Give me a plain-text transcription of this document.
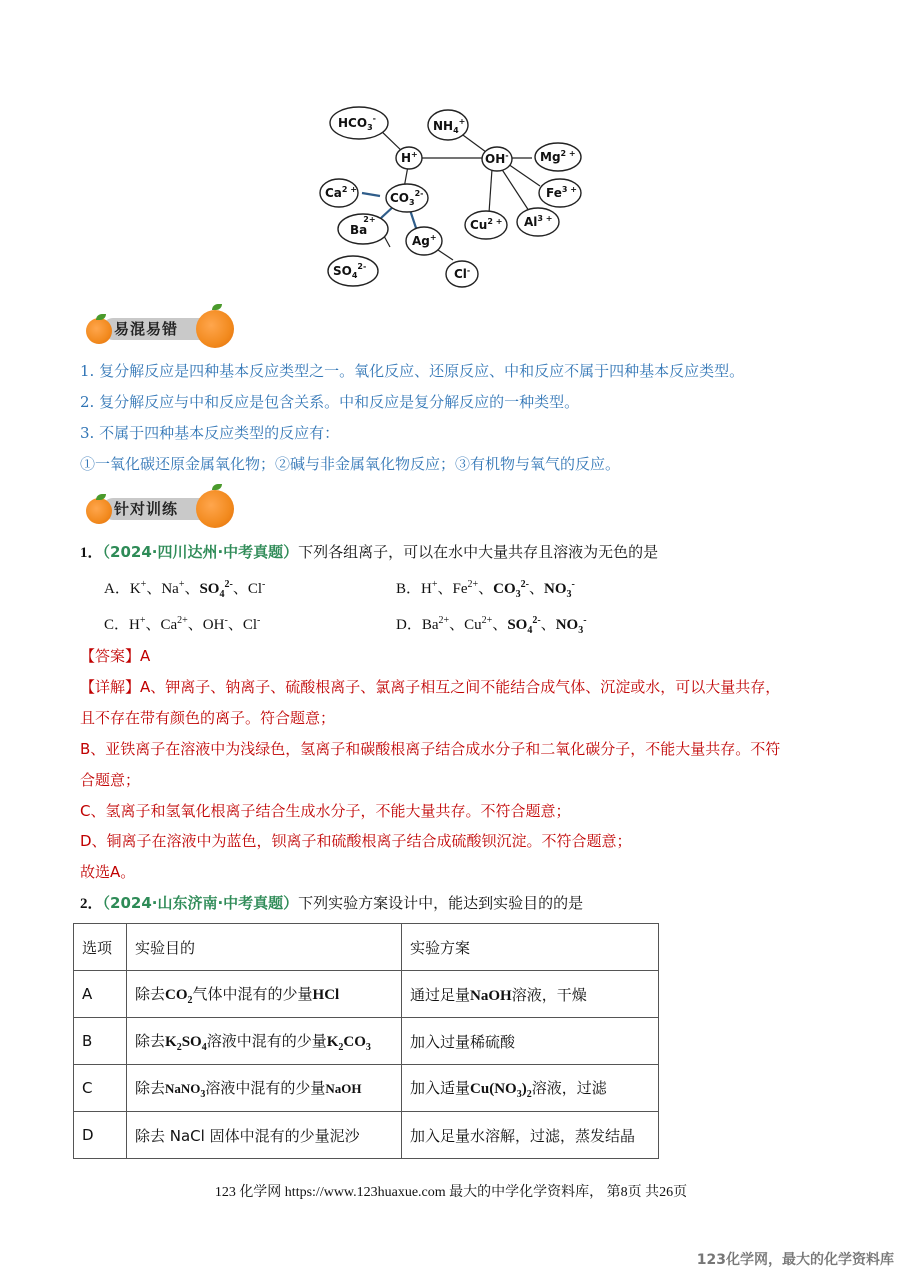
$HCO_3^-$
$NH_4^+$
H+	OH-	$Mg^{2 +}$
$Ca^{2 +}$
$CO_3^{2-}$	$Fe^{3 +}$
Ba2+	$Cu^{2 +}$ $Al^{3 +}$
Ag+
$SO_4^{2-}$
Cl-
易混易错
1. 复分解反应是四种基本反应类型之一。氧化反应、还原反应、中和反应不属于四种基本反应类型。
2. 复分解反应与中和反应是包含关系。中和反应是复分解反应的一种类型。
3. 不属于四种基本反应类型的反应有：
①一氧化碳还原金属氧化物；②碱与非金属氧化物反应；③有机物与氧气的反应。
针对训练
1．（2024·四川达州·中考真题）下列各组离子，可以在水中大量共存且溶液为无色的是
A．K+、Na+、$SO_4^{2-}$、Cl-	B．H+、$Fe^{2+}$、$CO_3^{2-}$、$NO_3^-$
C．H+、$Ca^{2+}$、OH-、Cl-	D．$Ba^{2+}$、$Cu^{2+}$、$SO_4^{2-}$、$NO_3^-$
【答案】A
【详解】A、钾离子、钠离子、硫酸根离子、氯离子相互之间不能结合成气体、沉淀或水，可以大量共存，
且不存在带有颜色的离子。符合题意；
B、亚铁离子在溶液中为浅绿色，氢离子和碳酸根离子结合成水分子和二氧化碳分子，不能大量共存。不符
合题意；
C、氢离子和氢氧化根离子结合生成水分子，不能大量共存。不符合题意；
D、铜离子在溶液中为蓝色，钡离子和硫酸根离子结合成硫酸钡沉淀。不符合题意；
故选A。
2．（2024·山东济南·中考真题）下列实验方案设计中，能达到实验目的的是
选项	实验目的	实验方案
A	除去$CO_2$气体中混有的少量HCl	通过足量NaOH溶液，干燥
B	除去$K_2SO_4$溶液中混有的少量$K_2CO_3$	加入过量稀硫酸
C	除去NaNO$_3$溶液中混有的少量NaOH	加入适量$Cu(NO_3)_2$溶液，过滤
D	除去 NaCl 固体中混有的少量泥沙	加入足量水溶解，过滤，蒸发结晶
123 化学网 https://www.123huaxue.com 最大的中学化学资料库， 第8页 共26页
123化学网，最大的化学资料库
